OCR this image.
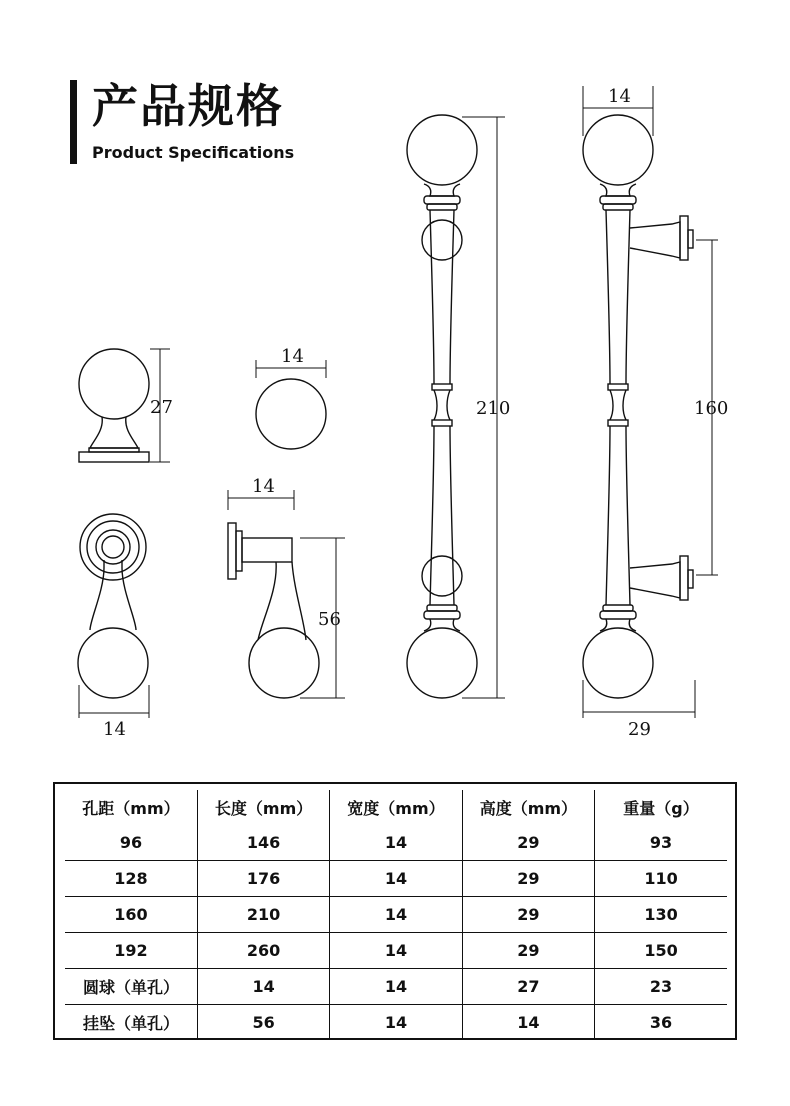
产品规格
Product Specifications
27
14
14
14
56
210
14
160
29
孔距（mm）	长度（mm）	宽度（mm）	高度（mm）	重量（g）
96	146	14	29	93
128	176	14	29	110
160	210	14	29	130
192	260	14	29	150
圆球（单孔）	14	14	27	23
挂坠（单孔）	56	14	14	36
